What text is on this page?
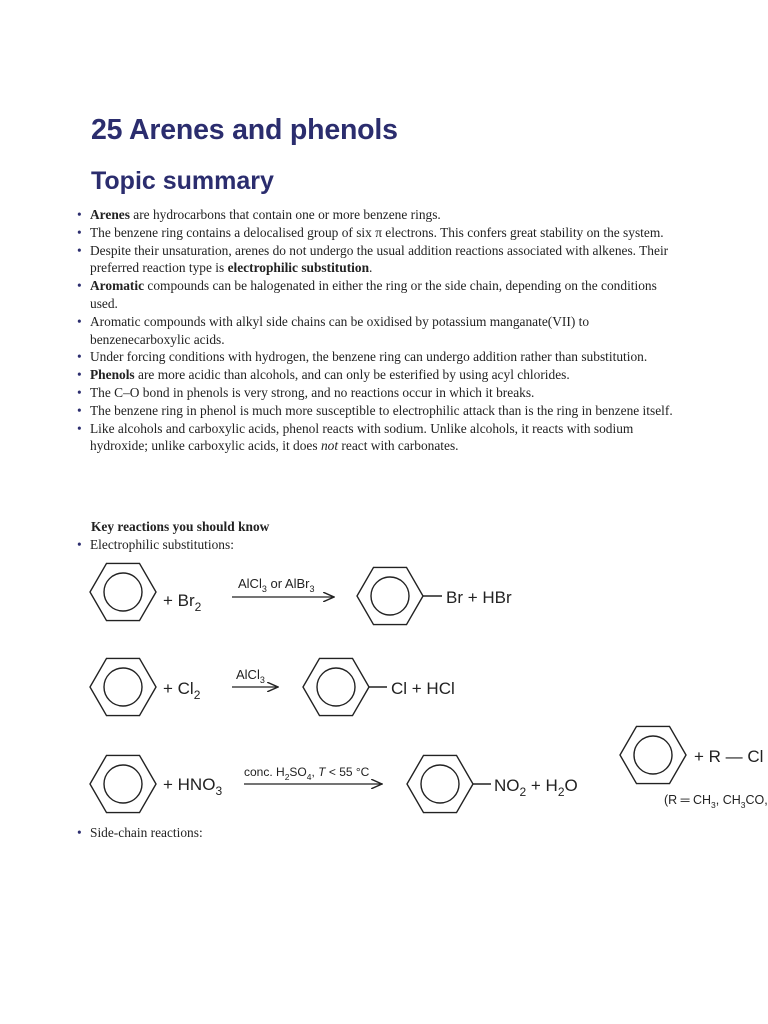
25 Arenes and phenols
Topic summary
• Arenes are hydrocarbons that contain one or more benzene rings.
• The benzene ring contains a delocalised group of six π electrons. This confers great stability on the system.
• Despite their unsaturation, arenes do not undergo the usual addition reactions associated with alkenes. Their preferred reaction type is electrophilic substitution.
• Aromatic compounds can be halogenated in either the ring or the side chain, depending on the conditions used.
• Aromatic compounds with alkyl side chains can be oxidised by potassium manganate(VII) to benzenecarboxylic acids.
• Under forcing conditions with hydrogen, the benzene ring can undergo addition rather than substitution.
• Phenols are more acidic than alcohols, and can only be esterified by using acyl chlorides.
• The C–O bond in phenols is very strong, and no reactions occur in which it breaks.
• The benzene ring in phenol is much more susceptible to electrophilic attack than is the ring in benzene itself.
• Like alcohols and carboxylic acids, phenol reacts with sodium. Unlike alcohols, it reacts with sodium hydroxide; unlike carboxylic acids, it does not react with carbonates.

Key reactions you should know

• Electrophilic substitutions:

+ $Br_2$
AlCl$_3$ or AlBr$_3$	Br + HBr
+ $Cl_2$
AlCl$_3$	Cl + HCl
+ $HNO_3$
conc. $H_2SO_4$, T < 55 °C
$NO_2 + H_2O$
+ R — Cl
(R ═ $CH_3$, $CH_3CO$,

• Side-chain reactions:
